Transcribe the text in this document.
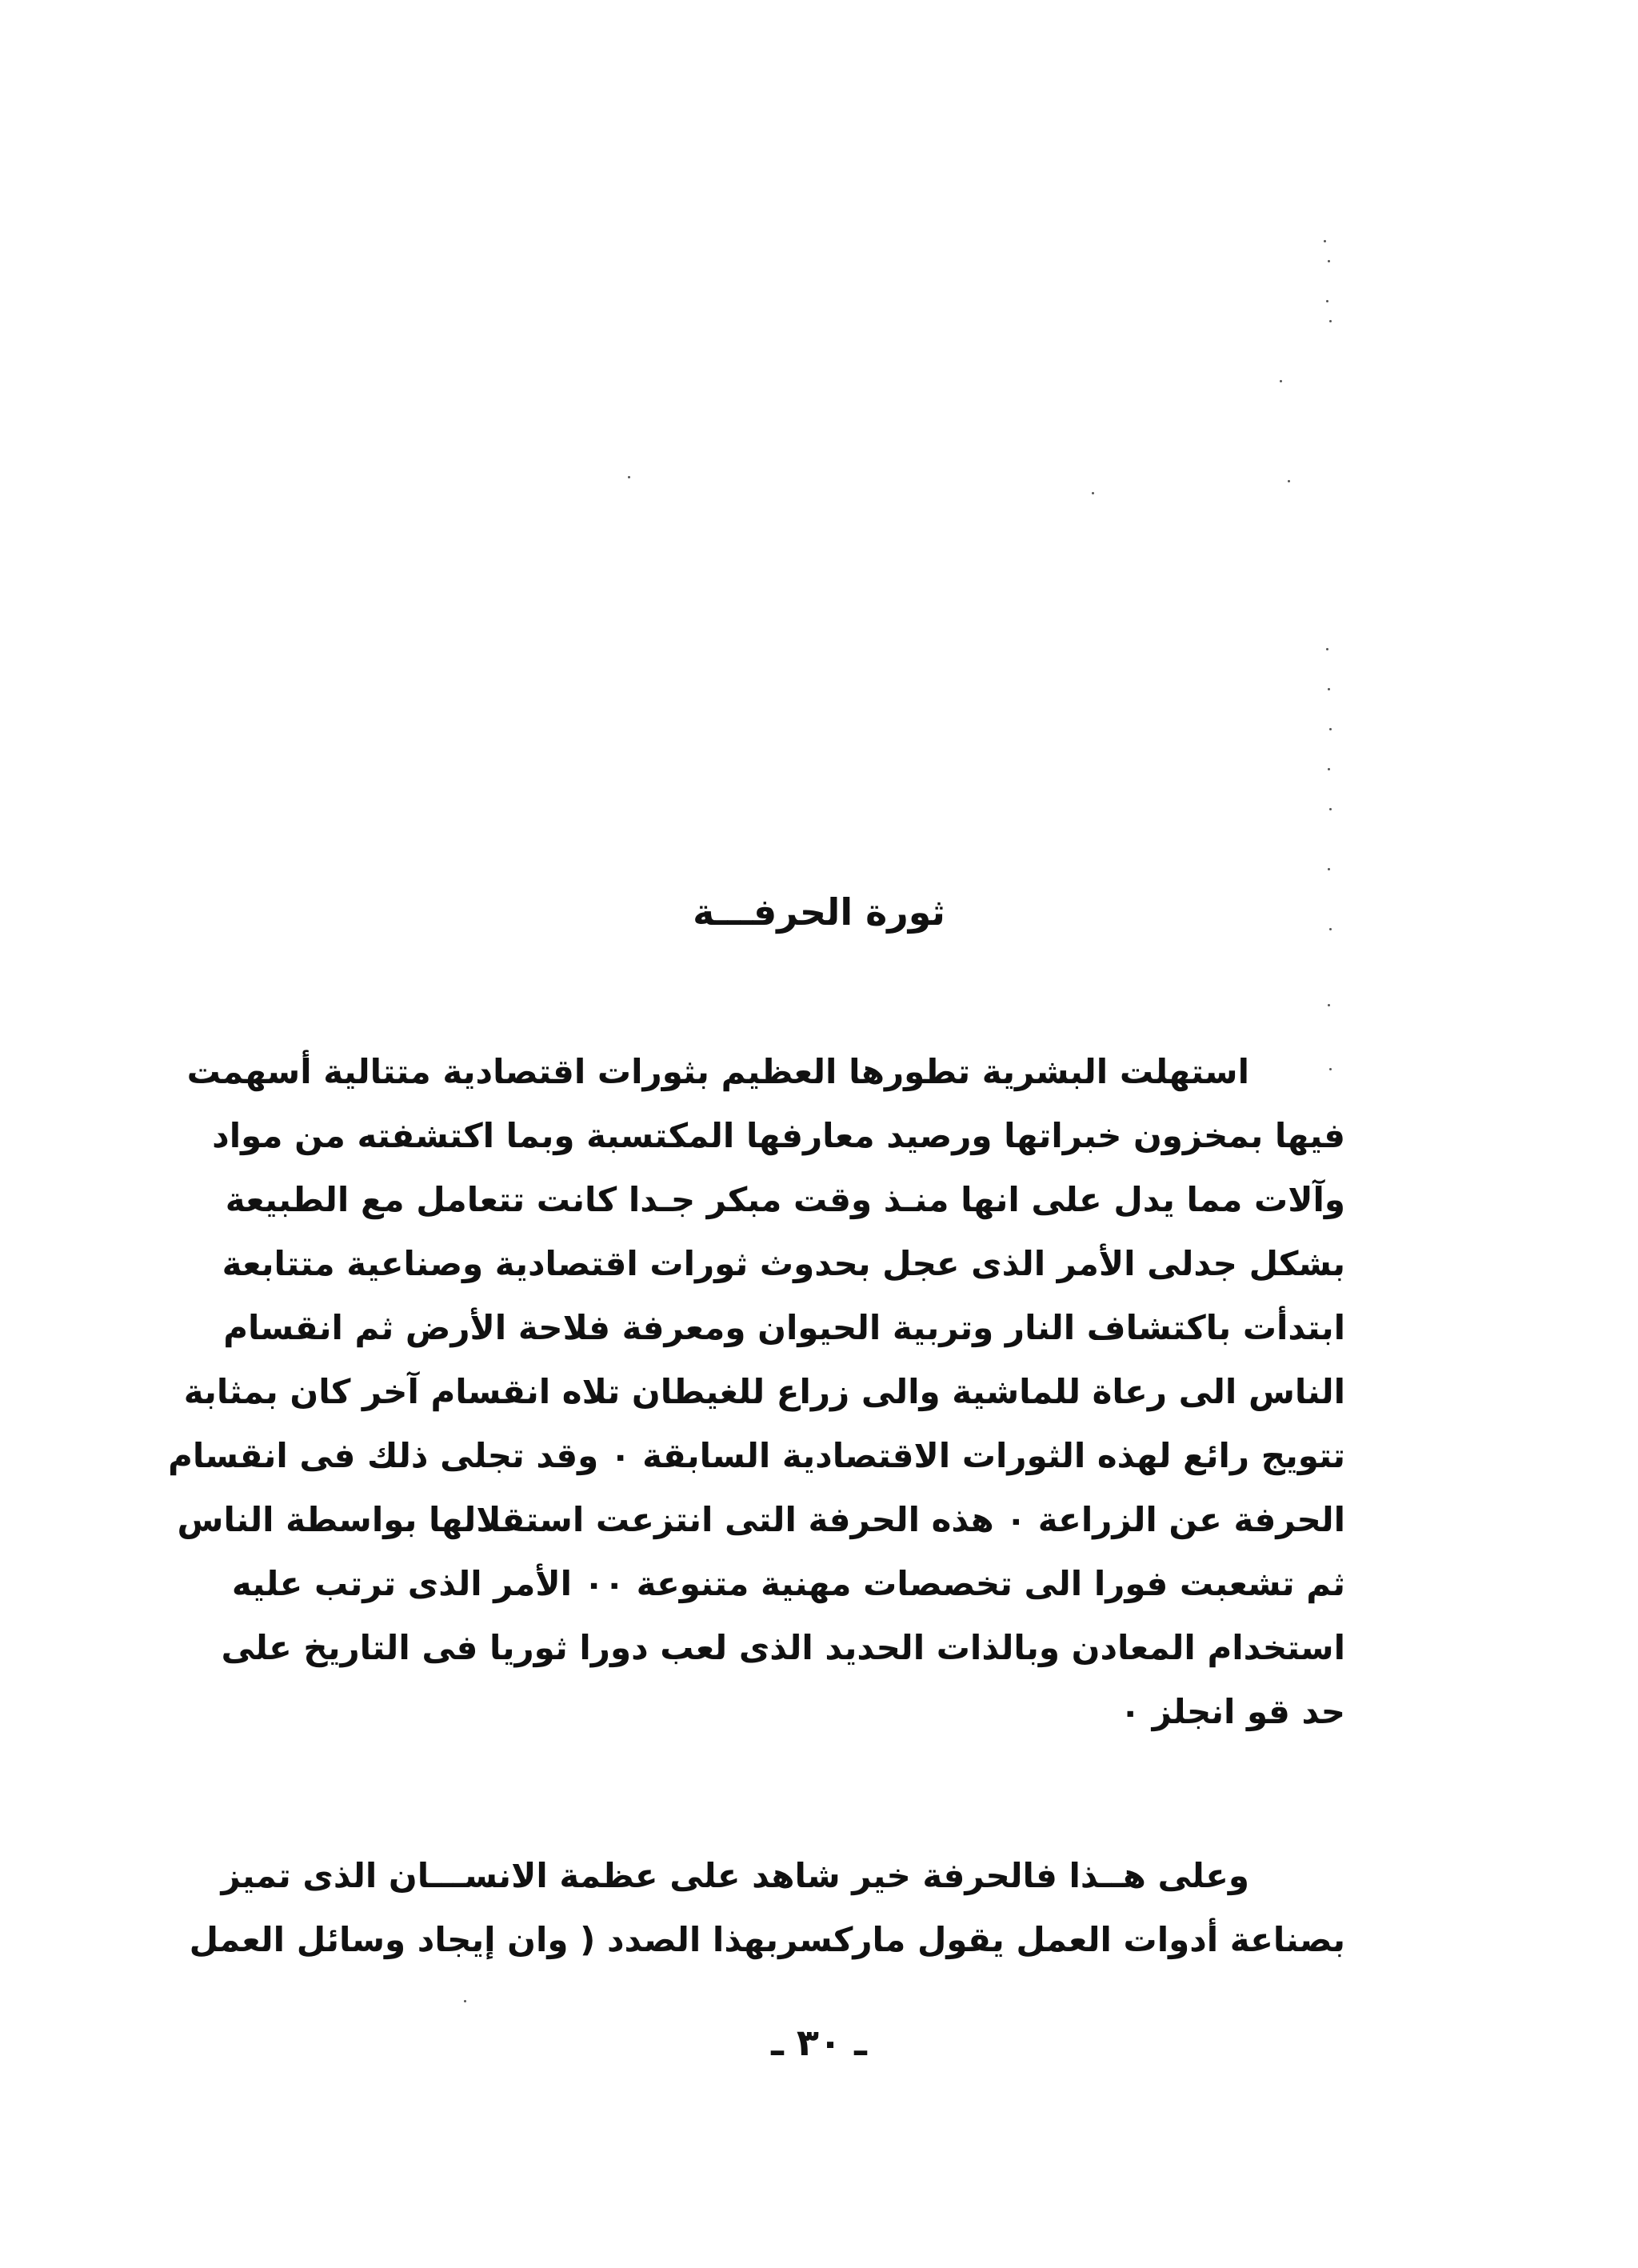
ثورة الحرفـــة
استهلت البشرية تطورها العظيم بثورات اقتصادية متتالية أسهمت
فيها بمخزون خبراتها ورصيد معارفها المكتسبة وبما اكتشفته من مواد
وآلات مما يدل على انها منـذ وقت مبكر جـدا كانت تتعامل مع الطبيعة
بشكل جدلى الأمر الذى عجل بحدوث ثورات اقتصادية وصناعية متتابعة
ابتدأت باكتشاف النار وتربية الحيوان ومعرفة فلاحة الأرض ثم انقسام
الناس الى رعاة للماشية والى زراع للغيطان تلاه انقسام آخر كان بمثابة
تتويج رائع لهذه الثورات الاقتصادية السابقة ٠ وقد تجلى ذلك فى انقسام
الحرفة عن الزراعة ٠ هذه الحرفة التى انتزعت استقلالها بواسطة الناس
ثم تشعبت فورا الى تخصصات مهنية متنوعة ٠٠ الأمر الذى ترتب عليه
استخدام المعادن وبالذات الحديد الذى لعب دورا ثوريا فى التاريخ على
حد قو انجلز ٠
وعلى هــذا فالحرفة خير شاهد على عظمة الانســـان الذى تميز
بصناعة أدوات العمل يقول ماركسربهذا الصدد ( وان إيجاد وسائل العمل
ـ ٣٠ ـ
